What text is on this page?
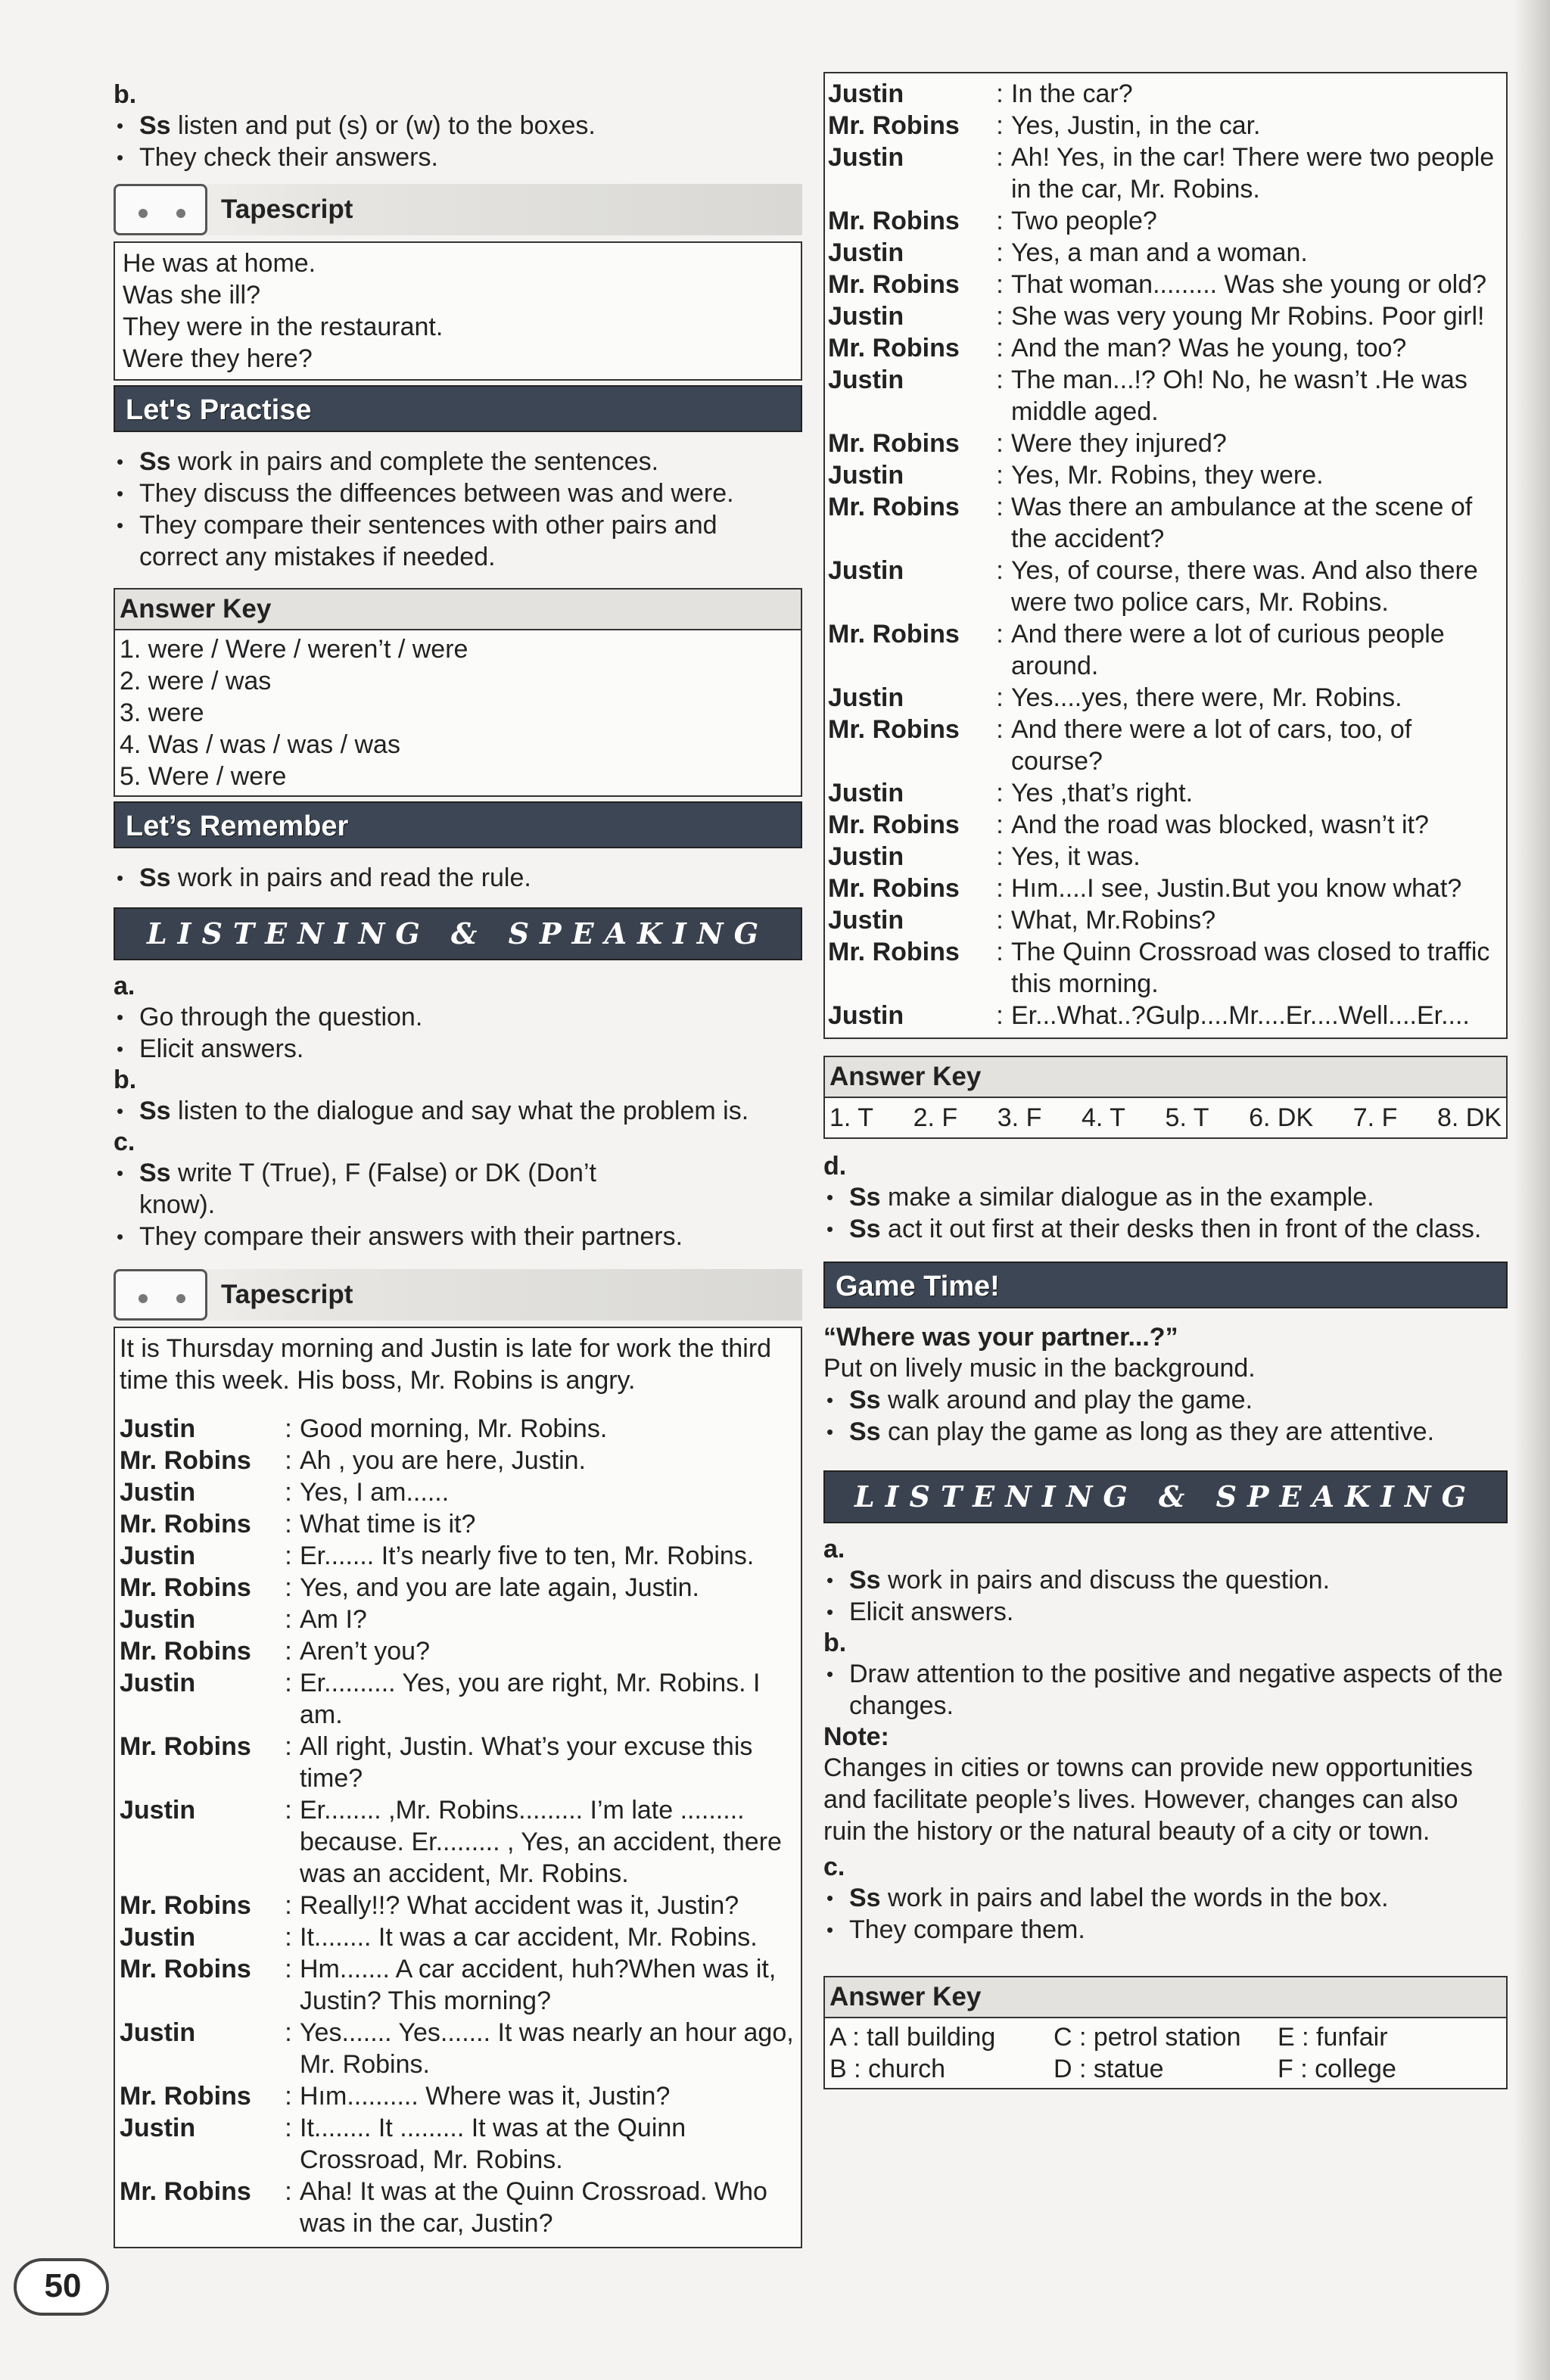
b.

• Ss listen and put (s) or (w) to the boxes.
• They check their answers.
Tapescript
He was at home.
Was she ill?
They were in the restaurant.
Were they here?
Let's Practise
• Ss work in pairs and complete the sentences.
• They discuss the diffeences between was and were.
• They compare their sentences with other pairs and correct any mistakes if needed.
Answer Key
1. were / Were / weren’t / were
2. were / was
3. were
4. Was / was / was / was
5. Were / were
Let’s Remember
• Ss work in pairs and read the rule.
LISTENING & SPEAKING

a.

• Go through the question.
• Elicit answers.

b.

• Ss listen to the dialogue and say what the problem is.

c.

• Ss write T (True), F (False) or DK (Don’t know).
• They compare their answers with their partners.
Tapescript
It is Thursday morning and Justin is late for work the third time this week. His boss, Mr. Robins is angry.
Justin	: Good morning, Mr. Robins.
Mr. Robins	: Ah , you are here, Justin.
Justin	: Yes, I am......
Mr. Robins	: What time is it?
Justin	: Er....... It’s nearly five to ten, Mr. Robins.
Mr. Robins	: Yes, and you are late again, Justin.
Justin	: Am I?
Mr. Robins	: Aren’t you?
Justin	: Er.......... Yes, you are right, Mr. Robins. I am.
Mr. Robins	: All right, Justin. What’s your excuse this time?
Justin	: Er........ ,Mr. Robins......... I’m late ......... because. Er......... , Yes, an accident, there was an accident, Mr. Robins.
Mr. Robins	: Really!!? What accident was it, Justin?
Justin	: It........ It was a car accident, Mr. Robins.
Mr. Robins	: Hm....... A car accident, huh?When was it, Justin? This morning?
Justin	: Yes....... Yes....... It was nearly an hour ago, Mr. Robins.
Mr. Robins	: Hım.......... Where was it, Justin?
Justin	: It........ It ......... It was at the Quinn Crossroad, Mr. Robins.
Mr. Robins	: Aha! It was at the Quinn Crossroad. Who was in the car, Justin?
Justin	: In the car?
Mr. Robins	: Yes, Justin, in the car.
Justin	: Ah! Yes, in the car! There were two people in the car, Mr. Robins.
Mr. Robins	: Two people?
Justin	: Yes, a man and a woman.
Mr. Robins	: That woman......... Was she young or old?
Justin	: She was very young Mr Robins. Poor girl!
Mr. Robins	: And the man? Was he young, too?
Justin	: The man...!? Oh! No, he wasn’t .He was middle aged.
Mr. Robins	: Were they injured?
Justin	: Yes, Mr. Robins, they were.
Mr. Robins	: Was there an ambulance at the scene of the accident?
Justin	: Yes, of course, there was. And also there were two police cars, Mr. Robins.
Mr. Robins	: And there were a lot of curious people around.
Justin	: Yes....yes, there were, Mr. Robins.
Mr. Robins	: And there were a lot of cars, too, of course?
Justin	: Yes ,that’s right.
Mr. Robins	: And the road was blocked, wasn’t it?
Justin	: Yes, it was.
Mr. Robins	: Hım....I see, Justin.But you know what?
Justin	: What, Mr.Robins?
Mr. Robins	: The Quinn Crossroad was closed to traffic this morning.
Justin	: Er...What..?Gulp....Mr....Er....Well....Er....
Answer Key
1. T 2. F 3. F 4. T 5. T 6. DK 7. F 8. DK

d.

• Ss make a similar dialogue as in the example.
• Ss act it out first at their desks then in front of the class.
Game Time!

“Where was your partner...?”

Put on lively music in the background.
• Ss walk around and play the game.
• Ss can play the game as long as they are attentive.
LISTENING & SPEAKING

a.

• Ss work in pairs and discuss the question.
• Elicit answers.

b.

• Draw attention to the positive and negative aspects of the changes.

Note:

Changes in cities or towns can provide new opportunities and facilitate people’s lives. However, changes can also ruin the history or the natural beauty of a city or town.

c.

• Ss work in pairs and label the words in the box.
• They compare them.
Answer Key
A : tall building	C : petrol station	E : funfair
B : church	D : statue	F : college
50
